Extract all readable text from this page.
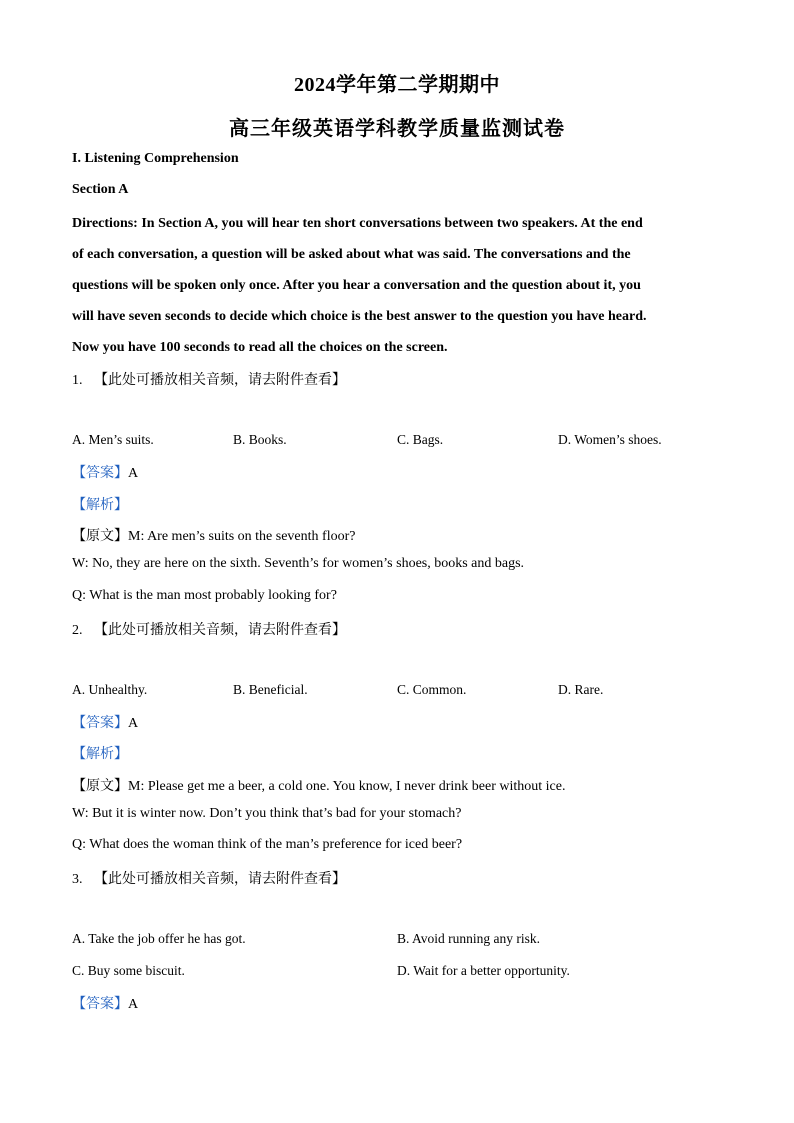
2024学年第二学期期中
高三年级英语学科教学质量监测试卷
I. Listening Comprehension
Section A

Directions: In Section A, you will hear ten short conversations between two speakers. At the end

of each conversation, a question will be asked about what was said. The conversations and the

questions will be spoken only once. After you hear a conversation and the question about it, you

will have seven seconds to decide which choice is the best answer to the question you have heard.

Now you have 100 seconds to read all the choices on the screen.

1. 【此处可播放相关音频，请去附件查看】
A. Men’s suits.	B. Books.	C. Bags.	D. Women’s shoes.
【答案】A
【解析】
【原文】M: Are men’s suits on the seventh floor?
W: No, they are here on the sixth. Seventh’s for women’s shoes, books and bags.
Q: What is the man most probably looking for?
2. 【此处可播放相关音频，请去附件查看】
A. Unhealthy.	B. Beneficial.	C. Common.	D. Rare.
【答案】A
【解析】
【原文】M: Please get me a beer, a cold one. You know, I never drink beer without ice.
W: But it is winter now. Don’t you think that’s bad for your stomach?
Q: What does the woman think of the man’s preference for iced beer?
3. 【此处可播放相关音频，请去附件查看】
A. Take the job offer he has got.	B. Avoid running any risk.
C. Buy some biscuit.	D. Wait for a better opportunity.
【答案】A
